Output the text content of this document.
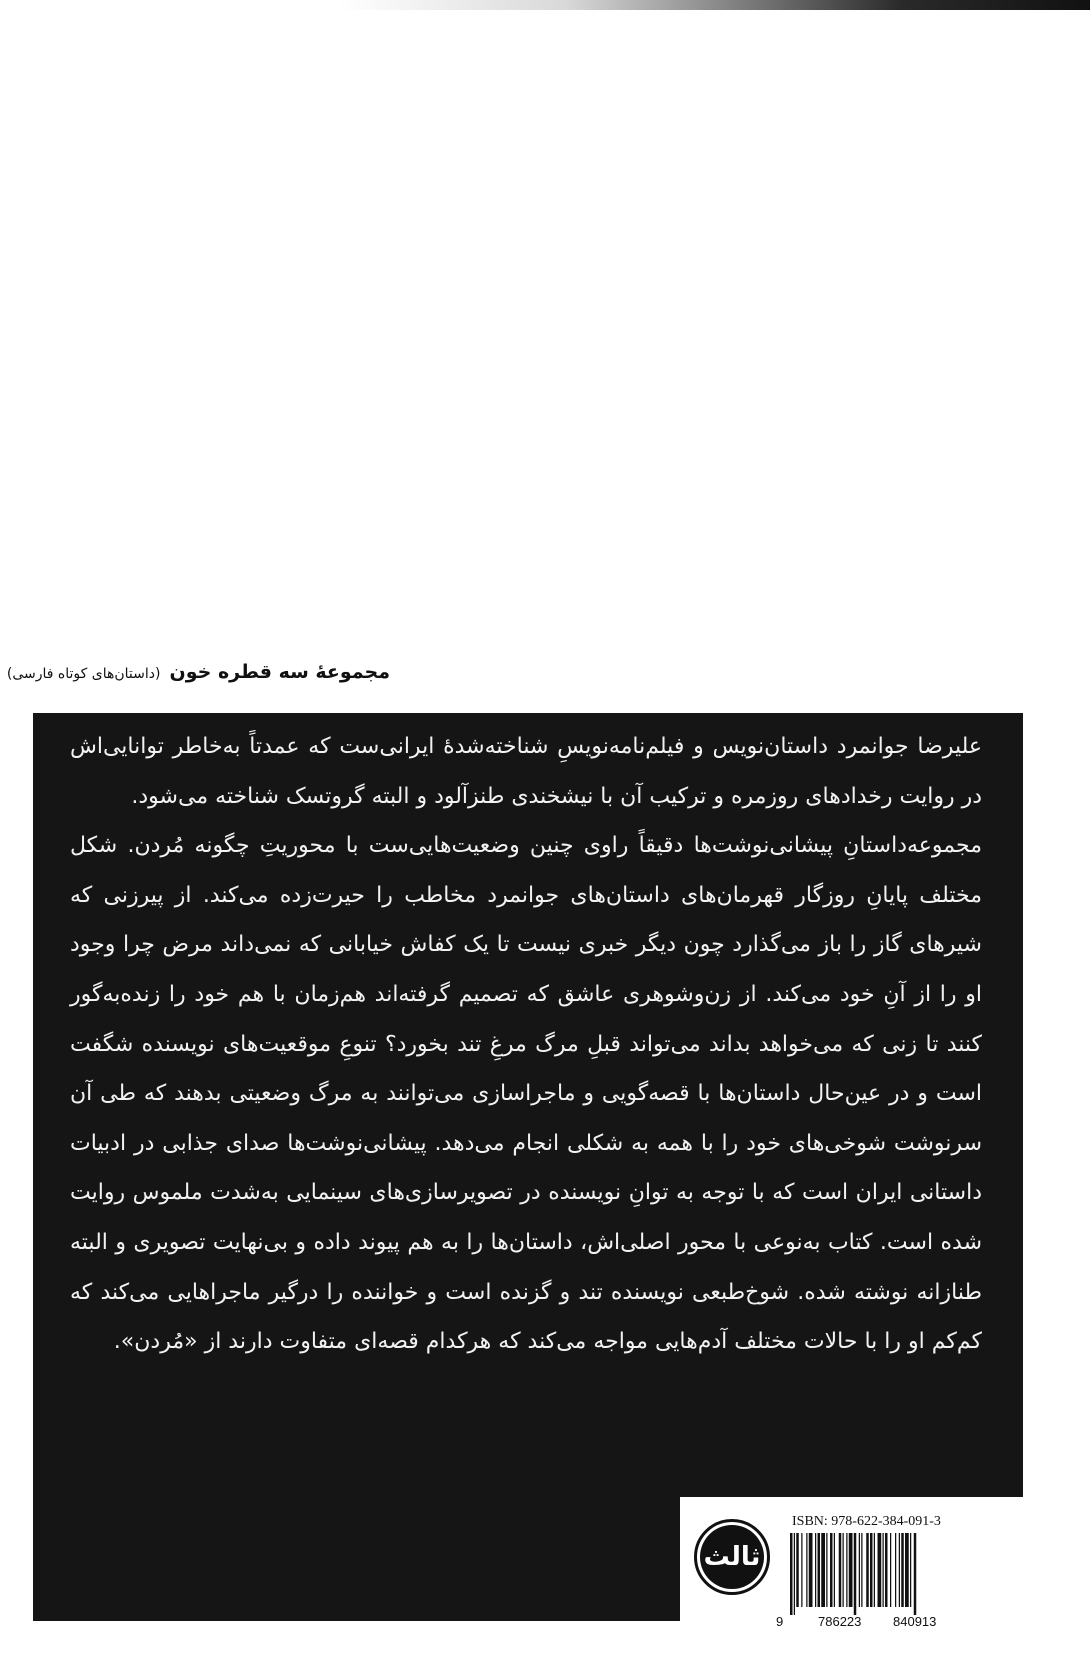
مجموعهٔ سه قطره خون (داستان‌های کوتاه فارسی)

علیرضا جوانمرد داستان‌نویس و فیلم‌نامه‌نویسِ شناخته‌شدهٔ ایرانی‌ست که عمدتاً به‌خاطر توانایی‌اش در روایت رخدادهای روزمره و ترکیب آن با نیشخندی طنزآلود و البته گروتسک شناخته می‌شود.

مجموعه‌داستانِ پیشانی‌نوشت‌ها دقیقاً راوی چنین وضعیت‌هایی‌ست با محوریتِ چگونه مُردن. شکل مختلف پایانِ روزگار قهرمان‌های داستان‌های جوانمرد مخاطب را حیرت‌زده می‌کند. از پیرزنی که شیرهای گاز را باز می‌گذارد چون دیگر خبری نیست تا یک کفاش خیابانی که نمی‌داند مرض چرا وجود او را از آنِ خود می‌کند. از زن‌وشوهری عاشق که تصمیم گرفته‌اند هم‌زمان با هم خود را زنده‌به‌گور کنند تا زنی که می‌خواهد بداند می‌تواند قبلِ مرگ مرغِ تند بخورد؟ تنوعِ موقعیت‌های نویسنده شگفت است و در عین‌حال داستان‌ها با قصه‌گویی و ماجراسازی می‌توانند به مرگ وضعیتی بدهند که طی آن سرنوشت شوخی‌های خود را با همه به شکلی انجام می‌دهد. پیشانی‌نوشت‌ها صدای جذابی در ادبیات داستانی ایران است که با توجه به توانِ نویسنده در تصویرسازی‌های سینمایی به‌شدت ملموس روایت شده است. کتاب به‌نوعی با محور اصلی‌اش، داستان‌ها را به هم پیوند داده و بی‌نهایت تصویری و البته طنازانه نوشته شده. شوخ‌طبعی نویسنده تند و گزنده است و خواننده را درگیر ماجراهایی می‌کند که کم‌کم او را با حالات مختلف آدم‌هایی مواجه می‌کند که هرکدام قصه‌ای متفاوت دارند از «مُردن».

ثالث
ISBN: 978-622-384-091-3
9	786223 840913
